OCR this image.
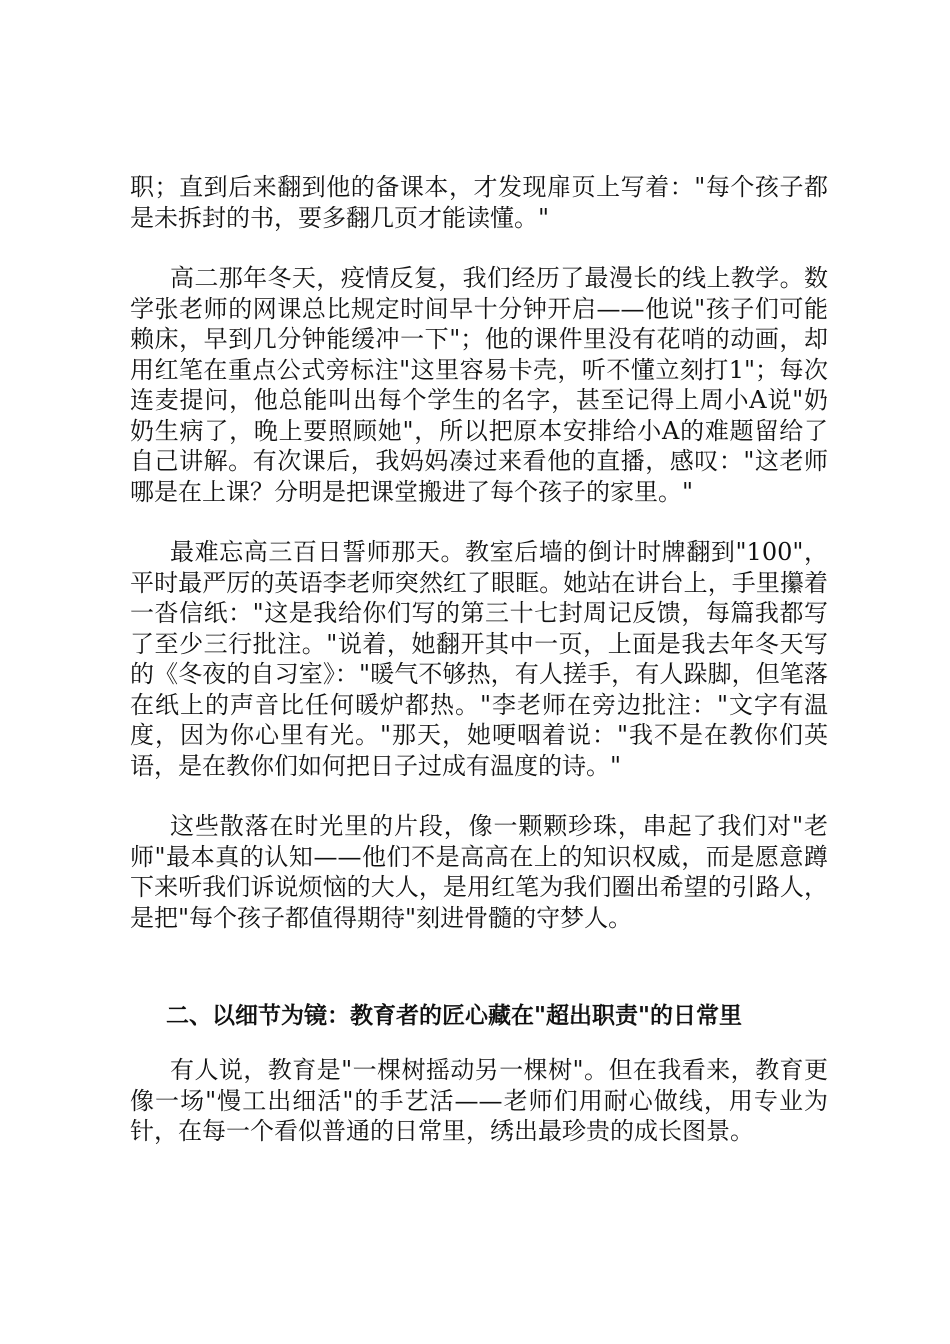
职；直到后来翻到他的备课本，才发现扉页上写着："每个孩子都是未拆封的书，要多翻几页才能读懂。"

高二那年冬天，疫情反复，我们经历了最漫长的线上教学。数学张老师的网课总比规定时间早十分钟开启——他说"孩子们可能赖床，早到几分钟能缓冲一下"；他的课件里没有花哨的动画，却用红笔在重点公式旁标注"这里容易卡壳，听不懂立刻打1"；每次连麦提问，他总能叫出每个学生的名字，甚至记得上周小A说"奶奶生病了，晚上要照顾她"，所以把原本安排给小A的难题留给了自己讲解。有次课后，我妈妈凑过来看他的直播，感叹："这老师哪是在上课？分明是把课堂搬进了每个孩子的家里。"

最难忘高三百日誓师那天。教室后墙的倒计时牌翻到"100"，平时最严厉的英语李老师突然红了眼眶。她站在讲台上，手里攥着一沓信纸："这是我给你们写的第三十七封周记反馈，每篇我都写了至少三行批注。"说着，她翻开其中一页，上面是我去年冬天写的《冬夜的自习室》："暖气不够热，有人搓手，有人跺脚，但笔落在纸上的声音比任何暖炉都热。"李老师在旁边批注："文字有温度，因为你心里有光。"那天，她哽咽着说："我不是在教你们英语，是在教你们如何把日子过成有温度的诗。"

这些散落在时光里的片段，像一颗颗珍珠，串起了我们对"老师"最本真的认知——他们不是高高在上的知识权威，而是愿意蹲下来听我们诉说烦恼的大人，是用红笔为我们圈出希望的引路人，是把"每个孩子都值得期待"刻进骨髓的守梦人。

二、以细节为镜：教育者的匠心藏在"超出职责"的日常里

有人说，教育是"一棵树摇动另一棵树"。但在我看来，教育更像一场"慢工出细活"的手艺活——老师们用耐心做线，用专业为针，在每一个看似普通的日常里，绣出最珍贵的成长图景。
